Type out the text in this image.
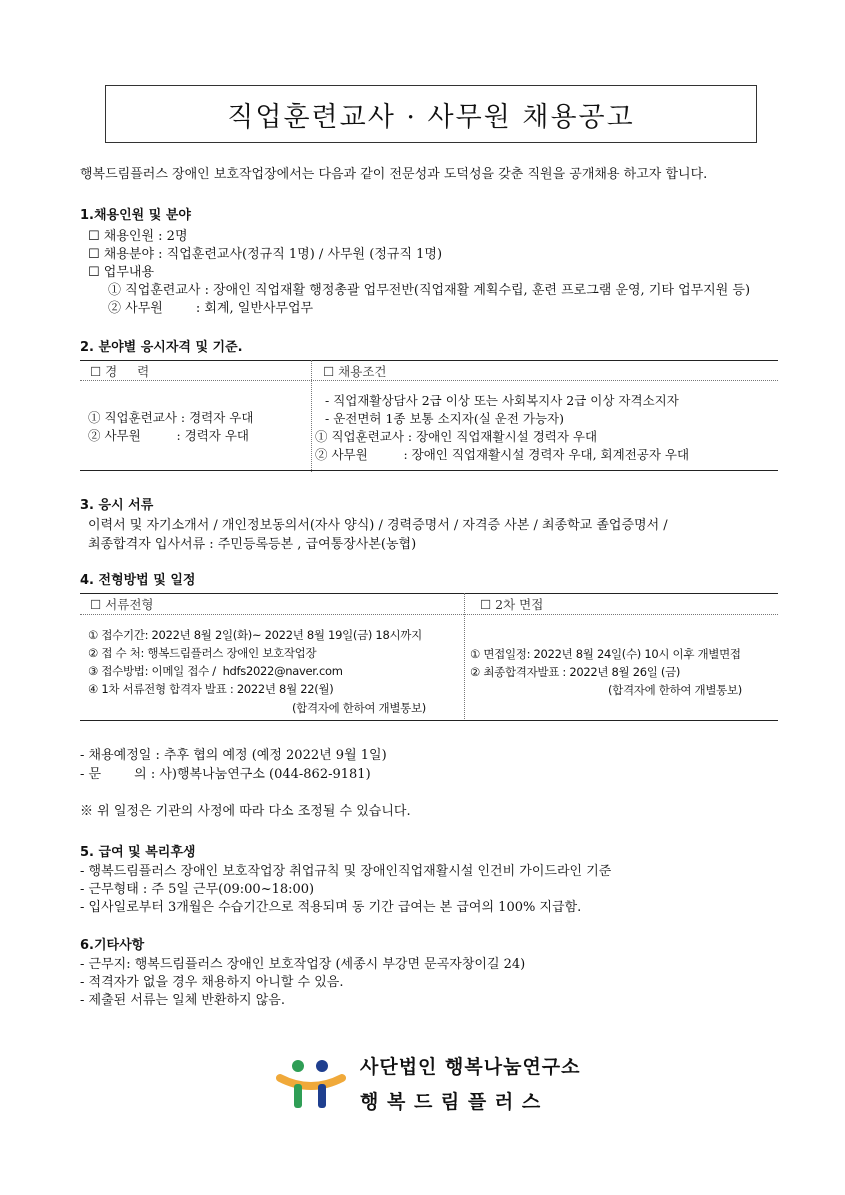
직업훈련교사 · 사무원 채용공고
행복드림플러스 장애인 보호작업장에서는 다음과 같이 전문성과 도덕성을 갖춘 직원을 공개채용 하고자 합니다.
1.채용인원 및 분야
☐ 채용인원 : 2명
☐ 채용분야 : 직업훈련교사(정규직 1명) / 사무원 (정규직 1명)
☐ 업무내용
① 직업훈련교사 : 장애인 직업재활 행정총괄 업무전반(직업재활 계획수립, 훈련 프로그램 운영, 기타 업무지원 등)
② 사무원        : 회계, 일반사무업무
2. 분야별 응시자격 및 기준.
☐ 경     력	☐ 채용조건
① 직업훈련교사 : 경력자 우대
② 사무원         : 경력자 우대
- 직업재활상담사 2급 이상 또는 사회복지사 2급 이상 자격소지자
- 운전면허 1종 보통 소지자(실 운전 가능자)
① 직업훈련교사 : 장애인 직업재활시설 경력자 우대
② 사무원         : 장애인 직업재활시설 경력자 우대, 회계전공자 우대
3. 응시 서류
이력서 및 자기소개서 / 개인정보동의서(자사 양식) / 경력증명서 / 자격증 사본 / 최종학교 졸업증명서 /
최종합격자 입사서류 : 주민등록등본 , 급여통장사본(농협)
4. 전형방법 및 일정
☐ 서류전형	☐ 2차 면접
① 접수기간: 2022년 8월 2일(화)~ 2022년 8월 19일(금) 18시까지
② 접 수 처: 행복드림플러스 장애인 보호작업장
③ 접수방법: 이메일 접수 /  hdfs2022@naver.com
④ 1차 서류전형 합격자 발표 : 2022년 8월 22(월)
(합격자에 한하여 개별통보)
① 면접일정: 2022년 8월 24일(수) 10시 이후 개별면접
② 최종합격자발표 : 2022년 8월 26일 (금)
(합격자에 한하여 개별통보)
- 채용예정일 : 추후 협의 예정 (예정 2022년 9월 1일)
- 문        의 : 사)행복나눔연구소 (044-862-9181)
※ 위 일정은 기관의 사정에 따라 다소 조정될 수 있습니다.
5. 급여 및 복리후생
- 행복드림플러스 장애인 보호작업장 취업규칙 및 장애인직업재활시설 인건비 가이드라인 기준
- 근무형태 : 주 5일 근무(09:00~18:00)
- 입사일로부터 3개월은 수습기간으로 적용되며 동 기간 급여는 본 급여의 100% 지급함.
6.기타사항
- 근무지: 행복드림플러스 장애인 보호작업장 (세종시 부강면 문곡자창이길 24)
- 적격자가 없을 경우 채용하지 아니할 수 있음.
- 제출된 서류는 일체 반환하지 않음.
사단법인 행복나눔연구소
행 복 드 림 플 러 스
